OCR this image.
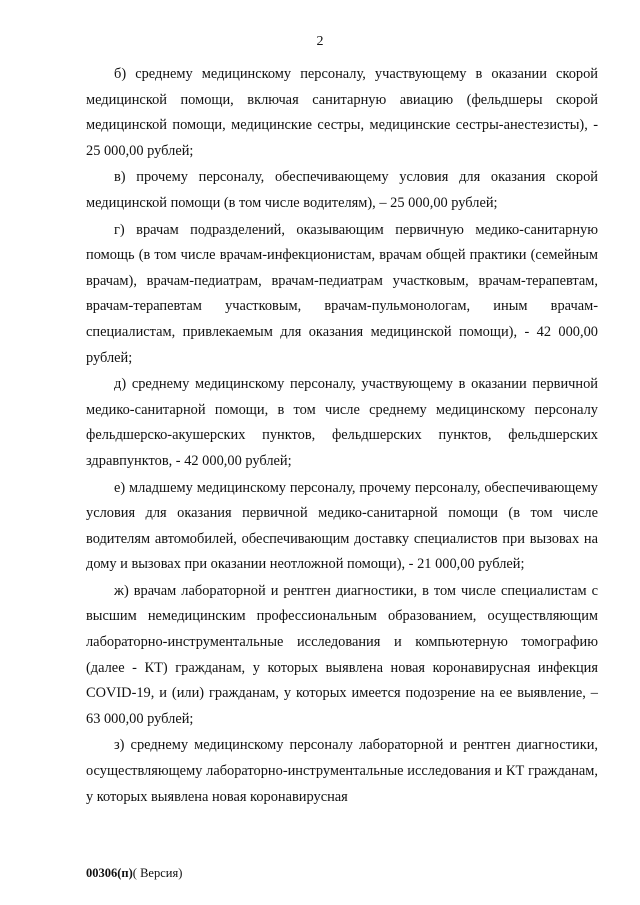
2

б) среднему медицинскому персоналу, участвующему в оказании скорой медицинской помощи, включая санитарную авиацию (фельдшеры скорой медицинской помощи, медицинские сестры, медицинские сестры-анестезисты), - 25 000,00 рублей;

в) прочему персоналу, обеспечивающему условия для оказания скорой медицинской помощи (в том числе водителям), – 25 000,00 рублей;

г) врачам подразделений, оказывающим первичную медико-санитарную помощь (в том числе врачам-инфекционистам, врачам общей практики (семейным врачам), врачам-педиатрам, врачам-педиатрам участковым, врачам-терапевтам, врачам-терапевтам участковым, врачам-пульмонологам, иным врачам-специалистам, привлекаемым для оказания медицинской помощи), - 42 000,00 рублей;

д) среднему медицинскому персоналу, участвующему в оказании первичной медико-санитарной помощи, в том числе среднему медицинскому персоналу фельдшерско-акушерских пунктов, фельдшерских пунктов, фельдшерских здравпунктов, - 42 000,00 рублей;

е) младшему медицинскому персоналу, прочему персоналу, обеспечивающему условия для оказания первичной медико-санитарной помощи (в том числе водителям автомобилей, обеспечивающим доставку специалистов при вызовах на дому и вызовах при оказании неотложной помощи), - 21 000,00 рублей;

ж) врачам лабораторной и рентген диагностики, в том числе специалистам с высшим немедицинским профессиональным образованием, осуществляющим лабораторно-инструментальные исследования и компьютерную томографию (далее - КТ) гражданам, у которых выявлена новая коронавирусная инфекция COVID-19, и (или) гражданам, у которых имеется подозрение на ее выявление, – 63 000,00 рублей;

з) среднему медицинскому персоналу лабораторной и рентген диагностики, осуществляющему лабораторно-инструментальные исследования и КТ гражданам, у которых выявлена новая коронавирусная

00306(п)( Версия)
